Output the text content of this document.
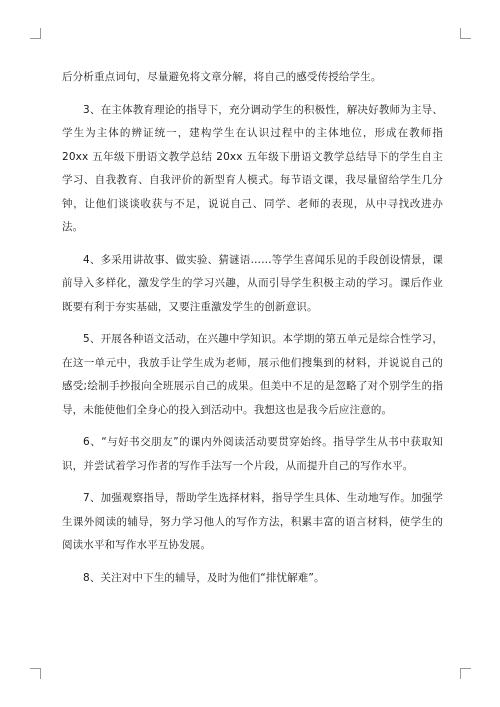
后分析重点词句，尽量避免将文章分解，将自己的感受传授给学生。

3、在主体教育理论的指导下，充分调动学生的积极性，解决好教师为主导、学生为主体的辨证统一，建构学生在认识过程中的主体地位，形成在教师指 20xx 五年级下册语文教学总结 20xx 五年级下册语文教学总结导下的学生自主学习、自我教育、自我评价的新型育人模式。每节语文课，我尽量留给学生几分钟，让他们谈谈收获与不足，说说自己、同学、老师的表现，从中寻找改进办法。

4、多采用讲故事、做实验、猜谜语……等学生喜闻乐见的手段创设情景，课前导入多样化，激发学生的学习兴趣，从而引导学生积极主动的学习。课后作业既要有利于夯实基础，又要注重激发学生的创新意识。

5、开展各种语文活动，在兴趣中学知识。本学期的第五单元是综合性学习，在这一单元中，我放手让学生成为老师，展示他们搜集到的材料，并说说自己的感受;绘制手抄报向全班展示自己的成果。但美中不足的是忽略了对个别学生的指导，未能使他们全身心的投入到活动中。我想这也是我今后应注意的。

6、“与好书交朋友”的课内外阅读活动要贯穿始终。指导学生从书中获取知识，并尝试着学习作者的写作手法写一个片段，从而提升自己的写作水平。

7、加强观察指导，帮助学生选择材料，指导学生具体、生动地写作。加强学生课外阅读的辅导，努力学习他人的写作方法，积累丰富的语言材料，使学生的阅读水平和写作水平互协发展。

8、关注对中下生的辅导，及时为他们“排忧解难”。
